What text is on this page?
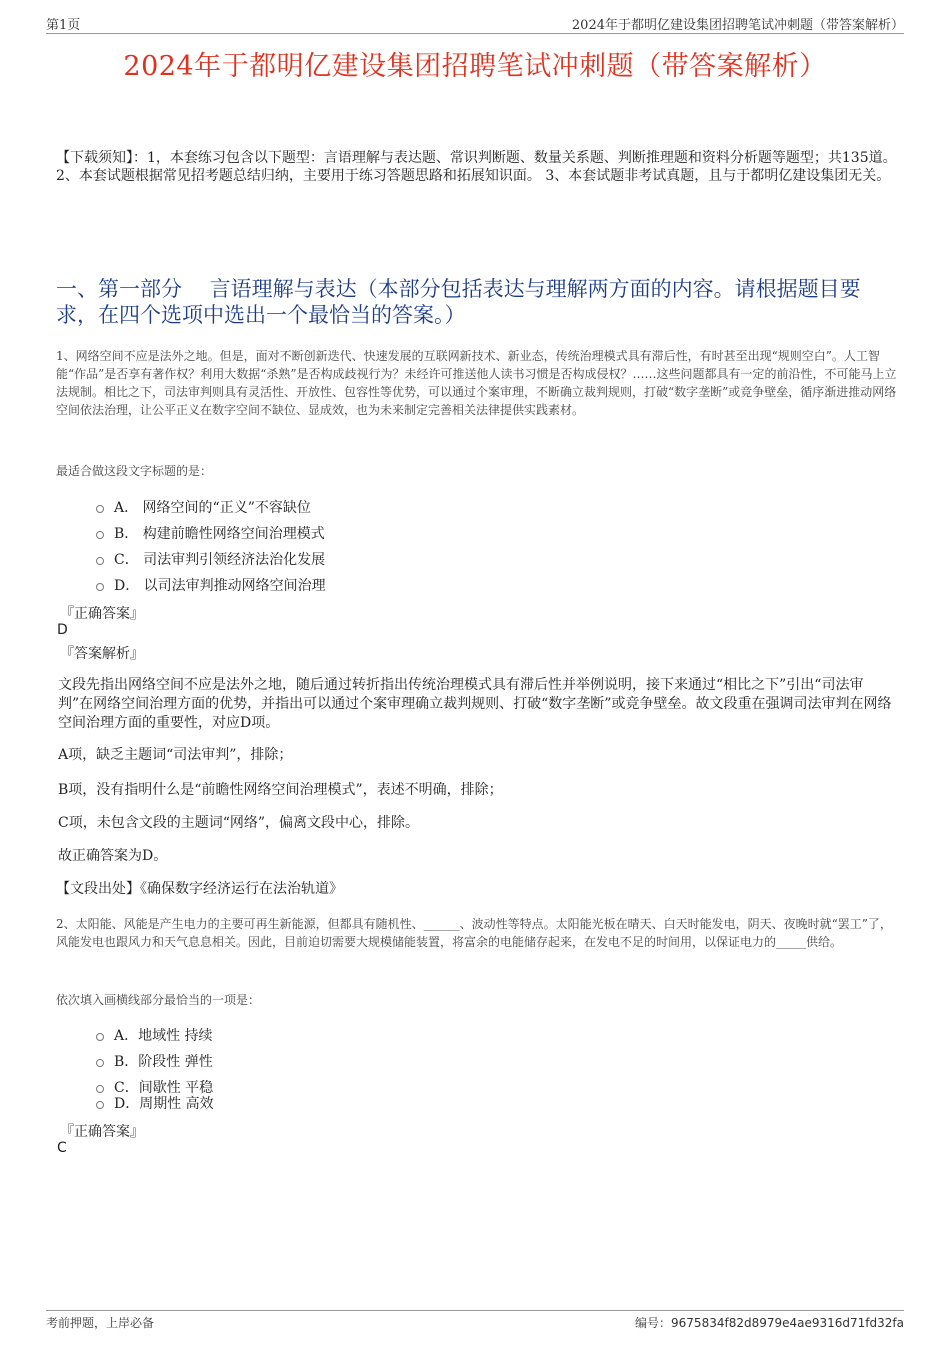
第1页	2024年于都明亿建设集团招聘笔试冲刺题（带答案解析）
2024年于都明亿建设集团招聘笔试冲刺题（带答案解析）
【下载须知】：1，本套练习包含以下题型：言语理解与表达题、常识判断题、数量关系题、判断推理题和资料分析题等题型；共135道。 2、本套试题根据常见招考题总结归纳，主要用于练习答题思路和拓展知识面。 3、本套试题非考试真题，且与于都明亿建设集团无关。
一、第一部分　 言语理解与表达（本部分包括表达与理解两方面的内容。请根据题目要求，在四个选项中选出一个最恰当的答案。）
1、网络空间不应是法外之地。但是，面对不断创新迭代、快速发展的互联网新技术、新业态，传统治理模式具有滞后性，有时甚至出现“规则空白”。人工智能“作品”是否享有著作权？利用大数据“杀熟”是否构成歧视行为？未经许可推送他人读书习惯是否构成侵权？……这些问题都具有一定的前沿性，不可能马上立法规制。相比之下，司法审判则具有灵活性、开放性、包容性等优势，可以通过个案审理，不断确立裁判规则，打破“数字垄断”或竞争壁垒，循序渐进推动网络空间依法治理，让公平正义在数字空间不缺位、显成效，也为未来制定完善相关法律提供实践素材。
最适合做这段文字标题的是：
A． 网络空间的“正义”不容缺位
B． 构建前瞻性网络空间治理模式
C． 司法审判引领经济法治化发展
D． 以司法审判推动网络空间治理
『正确答案』
D
『答案解析』
文段先指出网络空间不应是法外之地，随后通过转折指出传统治理模式具有滞后性并举例说明，接下来通过“相比之下”引出“司法审判”在网络空间治理方面的优势，并指出可以通过个案审理确立裁判规则、打破“数字垄断”或竞争壁垒。故文段重在强调司法审判在网络空间治理方面的重要性，对应D项。
A项，缺乏主题词“司法审判”，排除；
B项，没有指明什么是“前瞻性网络空间治理模式”，表述不明确，排除；
C项，未包含文段的主题词“网络”，偏离文段中心，排除。
故正确答案为D。
【文段出处】《确保数字经济运行在法治轨道》
2、太阳能、风能是产生电力的主要可再生新能源，但都具有随机性、______、波动性等特点。太阳能光板在晴天、白天时能发电，阴天、夜晚时就“罢工”了，风能发电也跟风力和天气息息相关。因此，目前迫切需要大规模储能装置，将富余的电能储存起来，在发电不足的时间用，以保证电力的_____供给。
依次填入画横线部分最恰当的一项是：
A．地域性 持续
B．阶段性 弹性
C．间歇性 平稳
D．周期性 高效
『正确答案』
C
考前押题，上岸必备	编号：9675834f82d8979e4ae9316d71fd32fa
